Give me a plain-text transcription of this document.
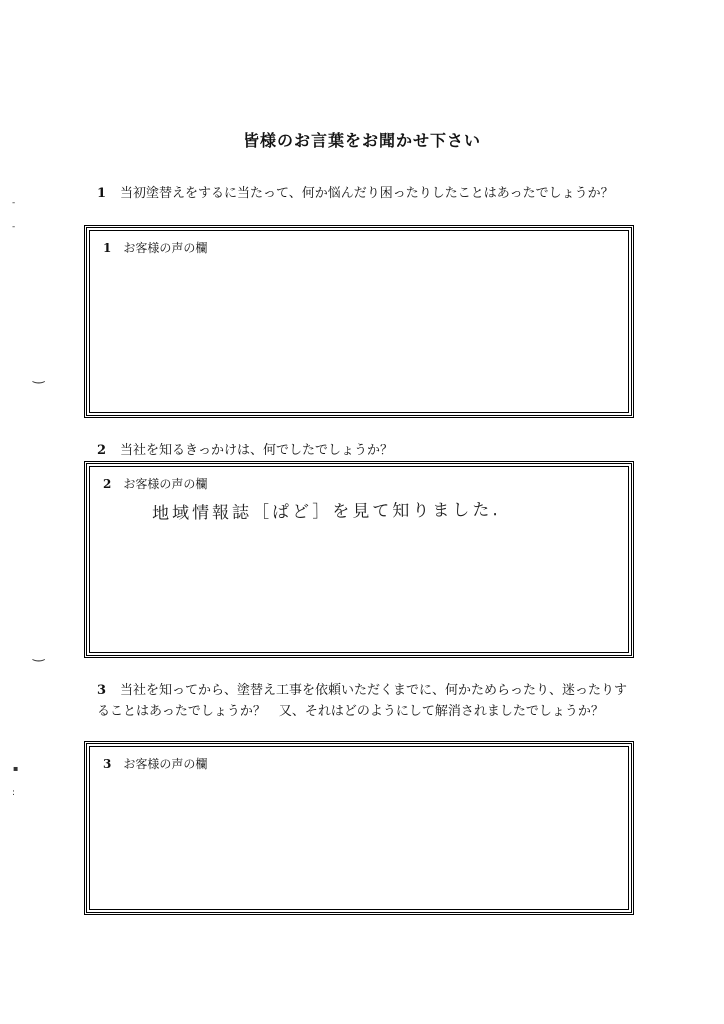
-
-
‿
‿
▪
:
皆様のお言葉をお聞かせ下さい
1 当初塗替えをするに当たって、何か悩んだり困ったりしたことはあったでしょうか？
1 お客様の声の欄
2 当社を知るきっかけは、何でしたでしょうか？
2 お客様の声の欄
地域情報誌［ぱど］を見て知りました.
3 当社を知ってから、塗替え工事を依頼いただくまでに、何かためらったり、迷ったりすることはあったでしょうか？　又、それはどのようにして解消されましたでしょうか？
3 お客様の声の欄
